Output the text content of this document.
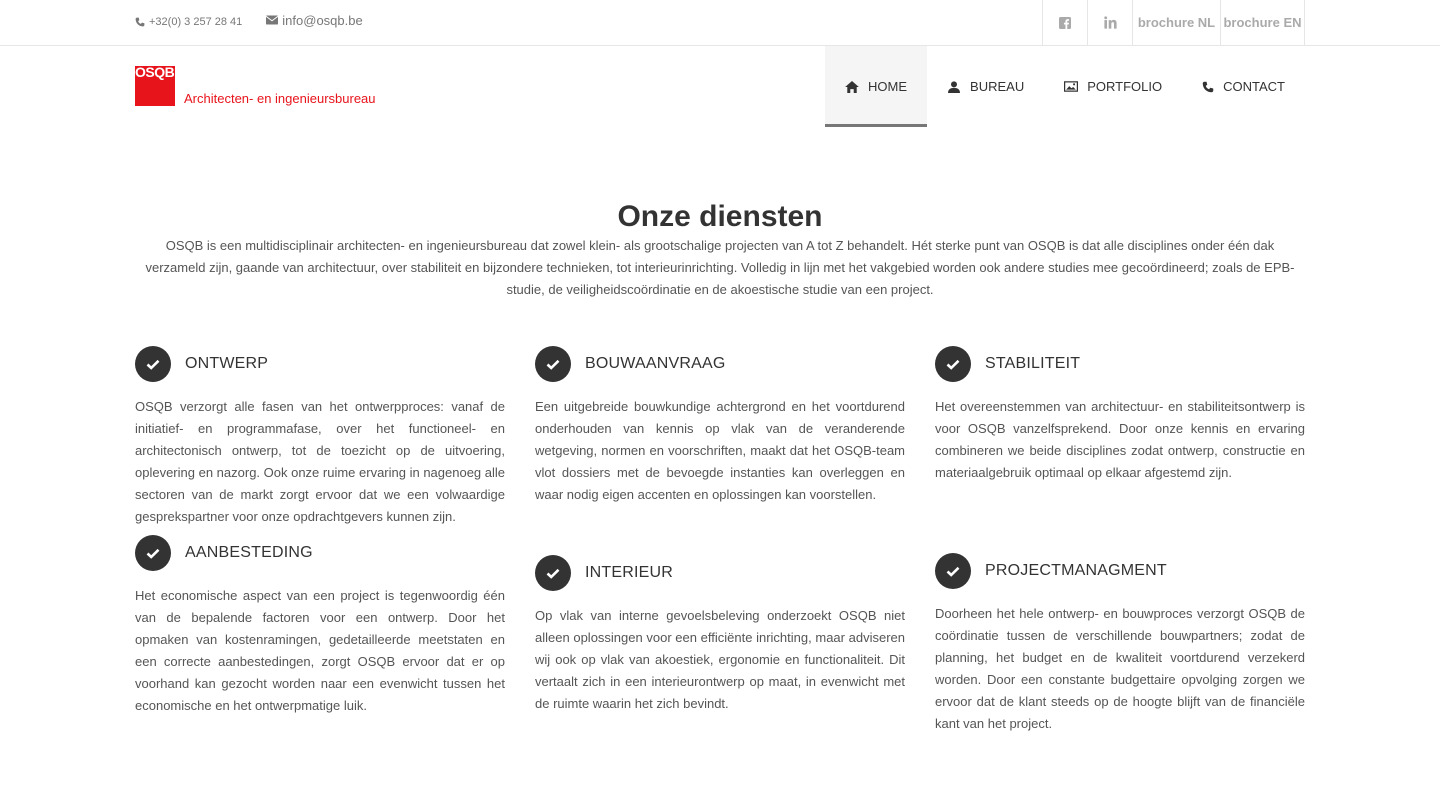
+32(0) 3 257 28 41	info@osqb.be	brochure NL brochure EN
OSQB
Architecten- en ingenieursbureau
HOME	BUREAU	PORTFOLIO	CONTACT
Onze diensten

OSQB is een multidisciplinair architecten- en ingenieursbureau dat zowel klein- als grootschalige projecten van A tot Z behandelt. Hét sterke punt van OSQB is dat alle disciplines onder één dak verzameld zijn, gaande van architectuur, over stabiliteit en bijzondere technieken, tot interieurinrichting. Volledig in lijn met het vakgebied worden ook andere studies mee gecoördineerd; zoals de EPB-studie, de veiligheidscoördinatie en de akoestische studie van een project.

ONTWERP

OSQB verzorgt alle fasen van het ontwerpproces: vanaf de initiatief- en programmafase, over het functioneel- en architectonisch ontwerp, tot de toezicht op de uitvoering, oplevering en nazorg. Ook onze ruime ervaring in nagenoeg alle sectoren van de markt zorgt ervoor dat we een volwaardige gesprekspartner voor onze opdrachtgevers kunnen zijn.

BOUWAANVRAAG

Een uitgebreide bouwkundige achtergrond en het voortdurend onderhouden van kennis op vlak van de veranderende wetgeving, normen en voorschriften, maakt dat het OSQB-team vlot dossiers met de bevoegde instanties kan overleggen en waar nodig eigen accenten en oplossingen kan voorstellen.

STABILITEIT

Het overeenstemmen van architectuur- en stabiliteitsontwerp is voor OSQB vanzelfsprekend. Door onze kennis en ervaring combineren we beide disciplines zodat ontwerp, constructie en materiaalgebruik optimaal op elkaar afgestemd zijn.

AANBESTEDING

Het economische aspect van een project is tegenwoordig één van de bepalende factoren voor een ontwerp. Door het opmaken van kostenramingen, gedetailleerde meetstaten en een correcte aanbestedingen, zorgt OSQB ervoor dat er op voorhand kan gezocht worden naar een evenwicht tussen het economische en het ontwerpmatige luik.

INTERIEUR

Op vlak van interne gevoelsbeleving onderzoekt OSQB niet alleen oplossingen voor een efficiënte inrichting, maar adviseren wij ook op vlak van akoestiek, ergonomie en functionaliteit. Dit vertaalt zich in een interieurontwerp op maat, in evenwicht met de ruimte waarin het zich bevindt.

PROJECTMANAGMENT

Doorheen het hele ontwerp- en bouwproces verzorgt OSQB de coördinatie tussen de verschillende bouwpartners; zodat de planning, het budget en de kwaliteit voortdurend verzekerd worden. Door een constante budgettaire opvolging zorgen we ervoor dat de klant steeds op de hoogte blijft van de financiële kant van het project.
